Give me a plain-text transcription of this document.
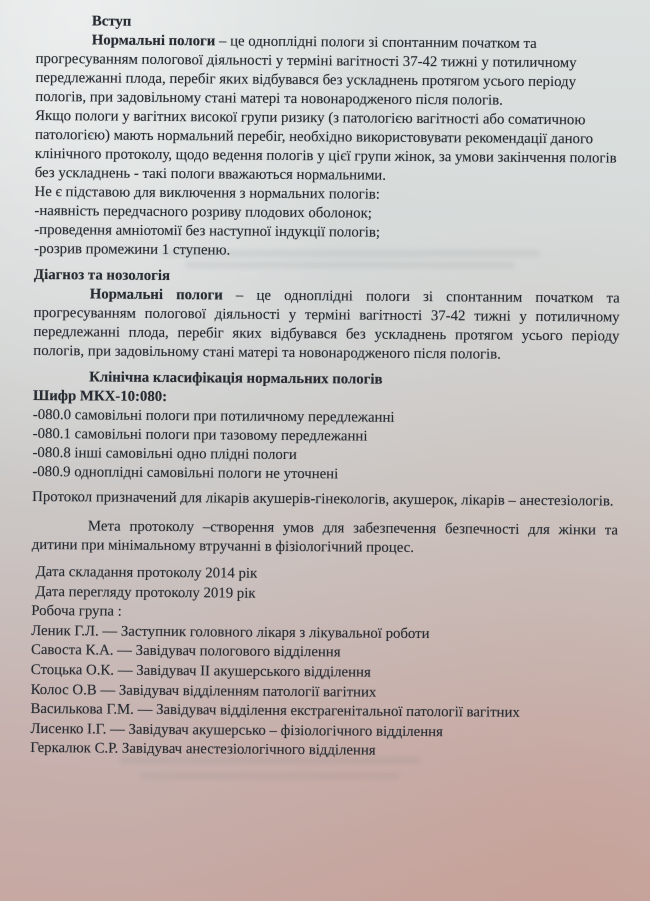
Вступ

Нормальні пологи – це одноплідні пологи зі спонтанним початком та прогресуванням пологової діяльності у терміні вагітності 37-42 тижні у потиличному передлежанні плода, перебіг яких відбувався без ускладнень протягом усього періоду пологів, при задовільному стані матері та новонародженого після пологів.

Якщо пологи у вагітних високої групи ризику (з патологією вагітності або соматичною патологією) мають нормальний перебіг, необхідно використовувати рекомендації даного клінічного протоколу, щодо ведення пологів у цієї групи жінок, за умови закінчення пологів без ускладнень - такі пологи вважаються нормальними.

Не є підставою для виключення з нормальних пологів:

-наявність передчасного розриву плодових оболонок;
-проведення амніотомії без наступної індукції пологів;
-розрив промежини 1 ступеню.

Діагноз та нозологія

Нормальні пологи – це одноплідні пологи зі спонтанним початком та прогресуванням пологової діяльності у терміні вагітності 37-42 тижні у потиличному передлежанні плода, перебіг яких відбувався без ускладнень протягом усього періоду пологів, при задовільному стані матері та новонародженого після пологів.

Клінічна класифікація нормальних пологів

Шифр МКХ-10:080:

-080.0 самовільні пологи при потиличному передлежанні
-080.1 самовільні пологи при тазовому передлежанні
-080.8 інші самовільні одно плідні пологи
-080.9 одноплідні самовільні пологи не уточнені

Протокол призначений для лікарів акушерів-гінекологів, акушерок, лікарів – анестезіологів.

Мета протоколу –створення умов для забезпечення безпечності для жінки та дитини при мінімальному втручанні в фізіологічний процес.

Дата складання протоколу 2014 рік
Дата перегляду протоколу 2019 рік
Робоча група :
Леник Г.Л. — Заступник головного лікаря з лікувальної роботи
Савоста К.А. — Завідувач пологового відділення
Стоцька О.К. — Завідувач ІІ акушерського відділення
Колос О.В — Завідувач відділенням патології вагітних
Василькова Г.М. — Завідувач відділення екстрагенітальної патології вагітних
Лисенко І.Г. — Завідувач акушерсько – фізіологічного відділення
Геркалюк С.Р. Завідувач анестезіологічного відділення
